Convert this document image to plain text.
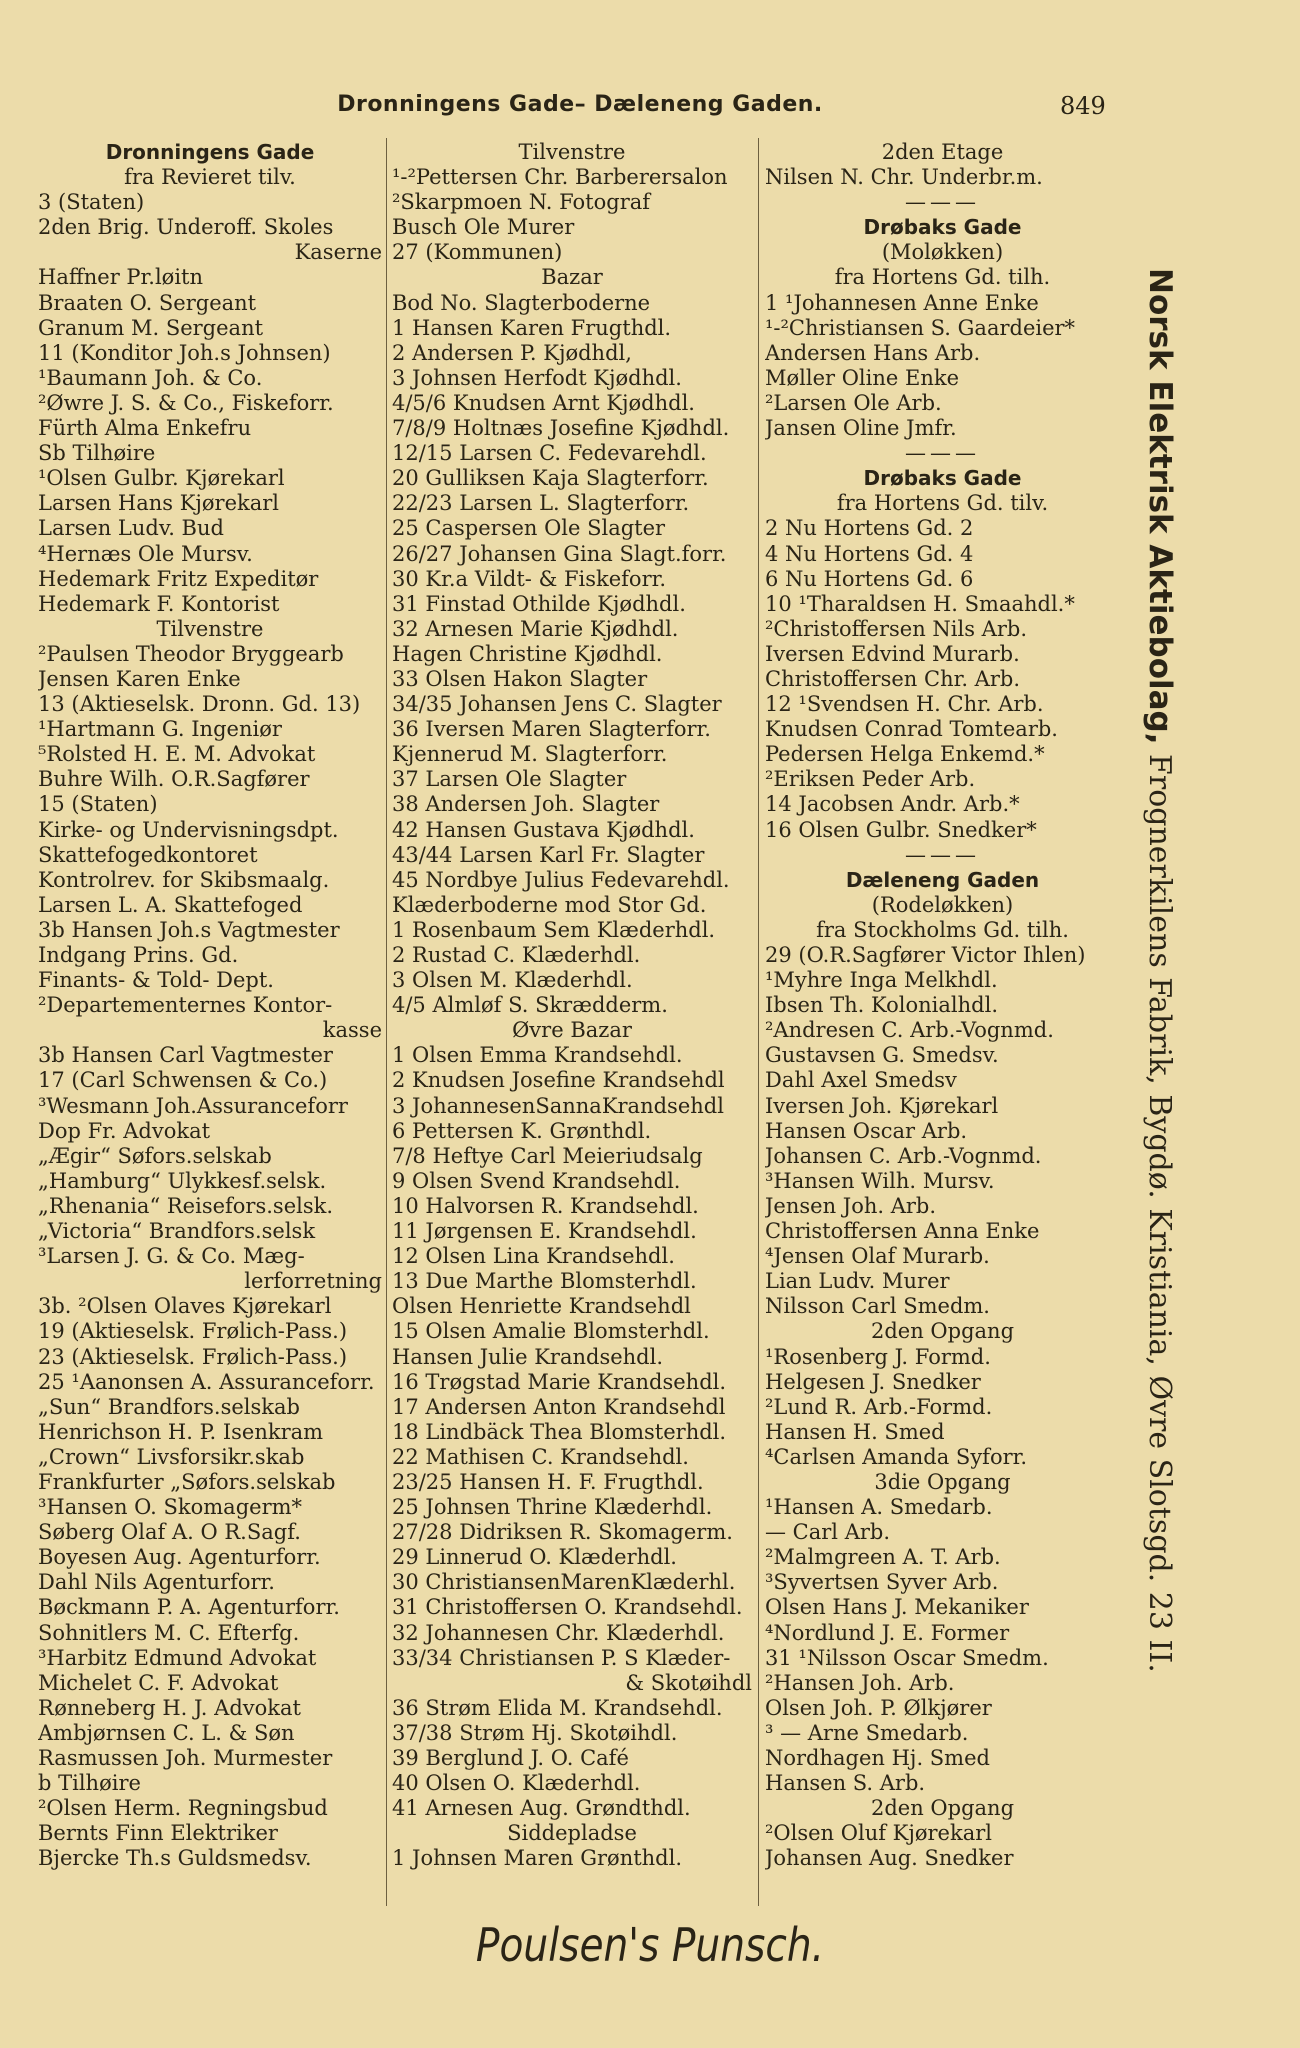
Dronningens Gade– Dæleneng Gaden.	849
Dronningens Gade
fra Revieret tilv.
3 (Staten)
2den Brig. Underoff. Skoles
Kaserne
Haffner Pr.løitn
Braaten O. Sergeant
Granum M. Sergeant
11 (Konditor Joh.s Johnsen)
¹Baumann Joh. & Co.
²Øwre J. S. & Co., Fiskeforr.
Fürth Alma Enkefru
Sb Tilhøire
¹Olsen Gulbr. Kjørekarl
Larsen Hans Kjørekarl
Larsen Ludv. Bud
⁴Hernæs Ole Mursv.
Hedemark Fritz Expeditør
Hedemark F. Kontorist
Tilvenstre
²Paulsen Theodor Bryggearb
Jensen Karen Enke
13 (Aktieselsk. Dronn. Gd. 13)
¹Hartmann G. Ingeniør
⁵Rolsted H. E. M. Advokat
Buhre Wilh. O.R.Sagfører
15 (Staten)
Kirke- og Undervisningsdpt.
Skattefogedkontoret
Kontrolrev. for Skibsmaalg.
Larsen L. A. Skattefoged
3b Hansen Joh.s Vagtmester
Indgang Prins. Gd.
Finants- & Told- Dept.
²Departementernes Kontor-
kasse
3b Hansen Carl Vagtmester
17 (Carl Schwensen & Co.)
³Wesmann Joh.Assuranceforr
Dop Fr. Advokat
„Ægir“ Søfors.selskab
„Hamburg“ Ulykkesf.selsk.
„Rhenania“ Reisefors.selsk.
„Victoria“ Brandfors.selsk
³Larsen J. G. & Co. Mæg-
lerforretning
3b. ²Olsen Olaves Kjørekarl
19 (Aktieselsk. Frølich-Pass.)
23 (Aktieselsk. Frølich-Pass.)
25 ¹Aanonsen A. Assuranceforr.
„Sun“ Brandfors.selskab
Henrichson H. P. Isenkram
„Crown“ Livsforsikr.skab
Frankfurter „Søfors.selskab
³Hansen O. Skomagerm*
Søberg Olaf A. O R.Sagf.
Boyesen Aug. Agenturforr.
Dahl Nils Agenturforr.
Bøckmann P. A. Agenturforr.
Sohnitlers M. C. Efterfg.
³Harbitz Edmund Advokat
Michelet C. F. Advokat
Rønneberg H. J. Advokat
Ambjørnsen C. L. & Søn
Rasmussen Joh. Murmester
b Tilhøire
²Olsen Herm. Regningsbud
Bernts Finn Elektriker
Bjercke Th.s Guldsmedsv.
Tilvenstre
¹-²Pettersen Chr. Barberersalon
²Skarpmoen N. Fotograf
Busch Ole Murer
27 (Kommunen)
Bazar
Bod No. Slagterboderne
1 Hansen Karen Frugthdl.
2 Andersen P. Kjødhdl,
3 Johnsen Herfodt Kjødhdl.
4/5/6 Knudsen Arnt Kjødhdl.
7/8/9 Holtnæs Josefine Kjødhdl.
12/15 Larsen C. Fedevarehdl.
20 Gulliksen Kaja Slagterforr.
22/23 Larsen L. Slagterforr.
25 Caspersen Ole Slagter
26/27 Johansen Gina Slagt.forr.
30 Kr.a Vildt- & Fiskeforr.
31 Finstad Othilde Kjødhdl.
32 Arnesen Marie Kjødhdl.
Hagen Christine Kjødhdl.
33 Olsen Hakon Slagter
34/35 Johansen Jens C. Slagter
36 Iversen Maren Slagterforr.
Kjennerud M. Slagterforr.
37 Larsen Ole Slagter
38 Andersen Joh. Slagter
42 Hansen Gustava Kjødhdl.
43/44 Larsen Karl Fr. Slagter
45 Nordbye Julius Fedevarehdl.
Klæderboderne mod Stor Gd.
1 Rosenbaum Sem Klæderhdl.
2 Rustad C. Klæderhdl.
3 Olsen M. Klæderhdl.
4/5 Almløf S. Skrædderm.
Øvre Bazar
1 Olsen Emma Krandsehdl.
2 Knudsen Josefine Krandsehdl
3 JohannesenSannaKrandsehdl
6 Pettersen K. Grønthdl.
7/8 Heftye Carl Meieriudsalg
9 Olsen Svend Krandsehdl.
10 Halvorsen R. Krandsehdl.
11 Jørgensen E. Krandsehdl.
12 Olsen Lina Krandsehdl.
13 Due Marthe Blomsterhdl.
Olsen Henriette Krandsehdl
15 Olsen Amalie Blomsterhdl.
Hansen Julie Krandsehdl.
16 Trøgstad Marie Krandsehdl.
17 Andersen Anton Krandsehdl
18 Lindbäck Thea Blomsterhdl.
22 Mathisen C. Krandsehdl.
23/25 Hansen H. F. Frugthdl.
25 Johnsen Thrine Klæderhdl.
27/28 Didriksen R. Skomagerm.
29 Linnerud O. Klæderhdl.
30 ChristiansenMarenKlæderhl.
31 Christoffersen O. Krandsehdl.
32 Johannesen Chr. Klæderhdl.
33/34 Christiansen P. S Klæder-
& Skotøihdl
36 Strøm Elida M. Krandsehdl.
37/38 Strøm Hj. Skotøihdl.
39 Berglund J. O. Café
40 Olsen O. Klæderhdl.
41 Arnesen Aug. Grøndthdl.
Siddepladse
1 Johnsen Maren Grønthdl.
2den Etage
Nilsen N. Chr. Underbr.m.
———
Drøbaks Gade
(Moløkken)
fra Hortens Gd. tilh.
1 ¹Johannesen Anne Enke
¹-²Christiansen S. Gaardeier*
Andersen Hans Arb.
Møller Oline Enke
²Larsen Ole Arb.
Jansen Oline Jmfr.
———
Drøbaks Gade
fra Hortens Gd. tilv.
2 Nu Hortens Gd. 2
4 Nu Hortens Gd. 4
6 Nu Hortens Gd. 6
10 ¹Tharaldsen H. Smaahdl.*
²Christoffersen Nils Arb.
Iversen Edvind Murarb.
Christoffersen Chr. Arb.
12 ¹Svendsen H. Chr. Arb.
Knudsen Conrad Tomtearb.
Pedersen Helga Enkemd.*
²Eriksen Peder Arb.
14 Jacobsen Andr. Arb.*
16 Olsen Gulbr. Snedker*
———
Dæleneng Gaden
(Rodeløkken)
fra Stockholms Gd. tilh.
29 (O.R.Sagfører Victor Ihlen)
¹Myhre Inga Melkhdl.
Ibsen Th. Kolonialhdl.
²Andresen C. Arb.-Vognmd.
Gustavsen G. Smedsv.
Dahl Axel Smedsv
Iversen Joh. Kjørekarl
Hansen Oscar Arb.
Johansen C. Arb.-Vognmd.
³Hansen Wilh. Mursv.
Jensen Joh. Arb.
Christoffersen Anna Enke
⁴Jensen Olaf Murarb.
Lian Ludv. Murer
Nilsson Carl Smedm.
2den Opgang
¹Rosenberg J. Formd.
Helgesen J. Snedker
²Lund R. Arb.-Formd.
Hansen H. Smed
⁴Carlsen Amanda Syforr.
3die Opgang
¹Hansen A. Smedarb.
— Carl Arb.
²Malmgreen A. T. Arb.
³Syvertsen Syver Arb.
Olsen Hans J. Mekaniker
⁴Nordlund J. E. Former
31 ¹Nilsson Oscar Smedm.
²Hansen Joh. Arb.
Olsen Joh. P. Ølkjører
³ — Arne Smedarb.
Nordhagen Hj. Smed
Hansen S. Arb.
2den Opgang
²Olsen Oluf Kjørekarl
Johansen Aug. Snedker
Norsk Elektrisk Aktiebolag, Frognerkilens Fabrik, Bygdø. Kristiania, Øvre Slotsgd. 23 II.
Poulsen's Punsch.
